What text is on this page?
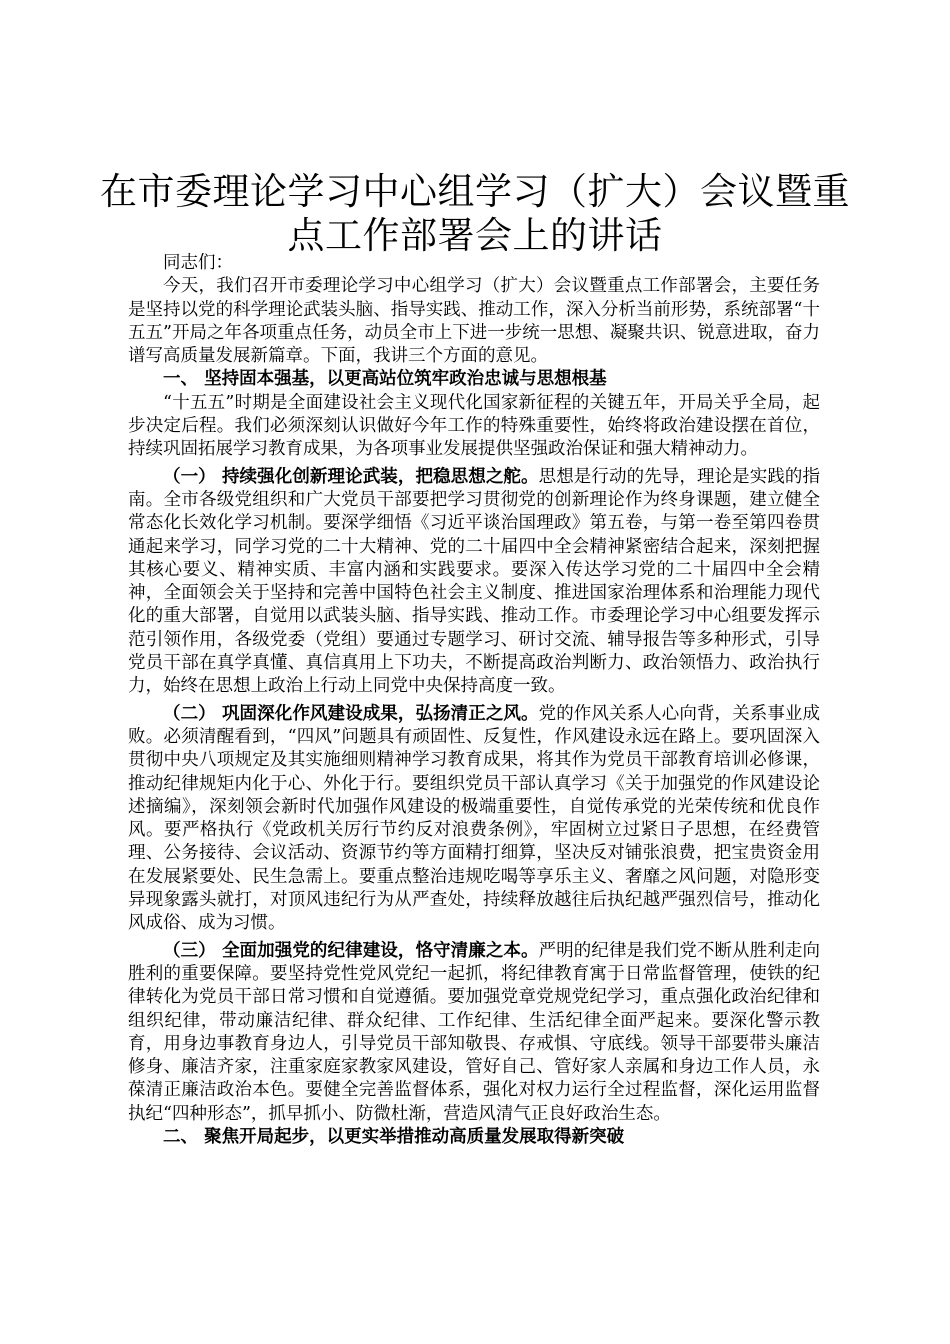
在市委理论学习中心组学习（扩大）会议暨重
点工作部署会上的讲话

同志们：

今天，我们召开市委理论学习中心组学习（扩大）会议暨重点工作部署会，主要任务是坚持以党的科学理论武装头脑、指导实践、推动工作，深入分析当前形势，系统部署“十五五”开局之年各项重点任务，动员全市上下进一步统一思想、凝聚共识、锐意进取，奋力谱写高质量发展新篇章。下面，我讲三个方面的意见。

一、 坚持固本强基，以更高站位筑牢政治忠诚与思想根基

“十五五”时期是全面建设社会主义现代化国家新征程的关键五年，开局关乎全局，起步决定后程。我们必须深刻认识做好今年工作的特殊重要性，始终将政治建设摆在首位，持续巩固拓展学习教育成果，为各项事业发展提供坚强政治保证和强大精神动力。

（一） 持续强化创新理论武装，把稳思想之舵。思想是行动的先导，理论是实践的指南。全市各级党组织和广大党员干部要把学习贯彻党的创新理论作为终身课题，建立健全常态化长效化学习机制。要深学细悟《习近平谈治国理政》第五卷，与第一卷至第四卷贯通起来学习，同学习党的二十大精神、党的二十届四中全会精神紧密结合起来，深刻把握其核心要义、精神实质、丰富内涵和实践要求。要深入传达学习党的二十届四中全会精神，全面领会关于坚持和完善中国特色社会主义制度、推进国家治理体系和治理能力现代化的重大部署，自觉用以武装头脑、指导实践、推动工作。市委理论学习中心组要发挥示范引领作用，各级党委（党组）要通过专题学习、研讨交流、辅导报告等多种形式，引导党员干部在真学真懂、真信真用上下功夫，不断提高政治判断力、政治领悟力、政治执行力，始终在思想上政治上行动上同党中央保持高度一致。

（二） 巩固深化作风建设成果，弘扬清正之风。党的作风关系人心向背，关系事业成败。必须清醒看到，“四风”问题具有顽固性、反复性，作风建设永远在路上。要巩固深入贯彻中央八项规定及其实施细则精神学习教育成果，将其作为党员干部教育培训必修课，推动纪律规矩内化于心、外化于行。要组织党员干部认真学习《关于加强党的作风建设论述摘编》，深刻领会新时代加强作风建设的极端重要性，自觉传承党的光荣传统和优良作风。要严格执行《党政机关厉行节约反对浪费条例》，牢固树立过紧日子思想，在经费管理、公务接待、会议活动、资源节约等方面精打细算，坚决反对铺张浪费，把宝贵资金用在发展紧要处、民生急需上。要重点整治违规吃喝等享乐主义、奢靡之风问题，对隐形变异现象露头就打，对顶风违纪行为从严查处，持续释放越往后执纪越严强烈信号，推动化风成俗、成为习惯。

（三） 全面加强党的纪律建设，恪守清廉之本。严明的纪律是我们党不断从胜利走向胜利的重要保障。要坚持党性党风党纪一起抓，将纪律教育寓于日常监督管理，使铁的纪律转化为党员干部日常习惯和自觉遵循。要加强党章党规党纪学习，重点强化政治纪律和组织纪律，带动廉洁纪律、群众纪律、工作纪律、生活纪律全面严起来。要深化警示教育，用身边事教育身边人，引导党员干部知敬畏、存戒惧、守底线。领导干部要带头廉洁修身、廉洁齐家，注重家庭家教家风建设，管好自己、管好家人亲属和身边工作人员，永葆清正廉洁政治本色。要健全完善监督体系，强化对权力运行全过程监督，深化运用监督执纪“四种形态”，抓早抓小、防微杜渐，营造风清气正良好政治生态。

二、 聚焦开局起步，以更实举措推动高质量发展取得新突破
